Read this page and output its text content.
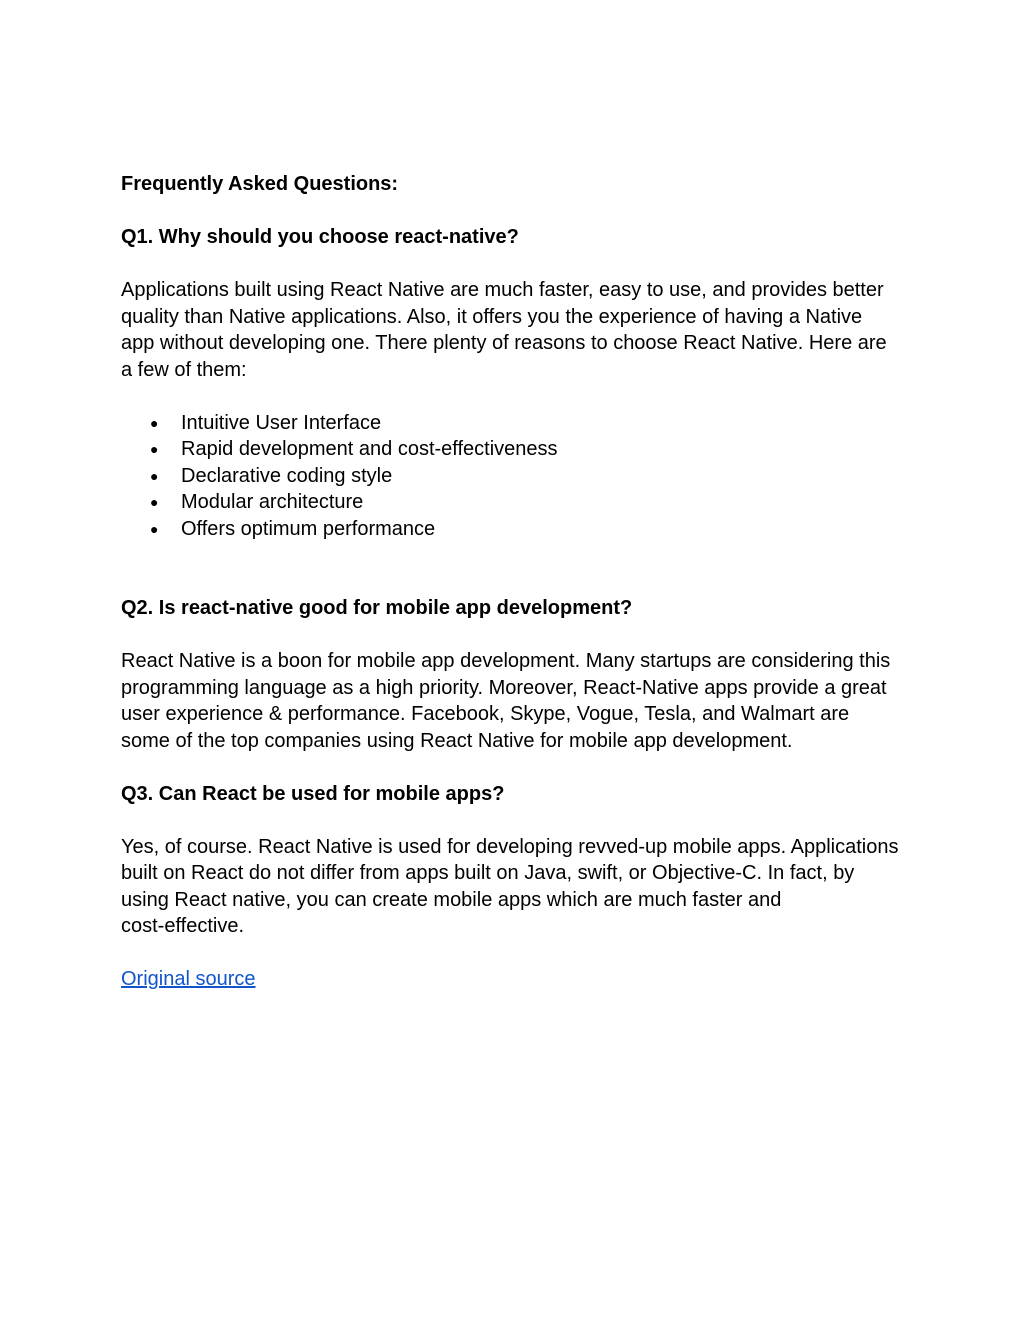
Frequently Asked Questions:

Q1. Why should you choose react-native?

Applications built using React Native are much faster, easy to use, and provides better
quality than Native applications. Also, it offers you the experience of having a Native
app without developing one. There plenty of reasons to choose React Native. Here are
a few of them:
●	Intuitive User Interface
●	Rapid development and cost-effectiveness
●	Declarative coding style
●	Modular architecture
●	Offers optimum performance

Q2. Is react-native good for mobile app development?

React Native is a boon for mobile app development. Many startups are considering this
programming language as a high priority. Moreover, React-Native apps provide a great
user experience & performance. Facebook, Skype, Vogue, Tesla, and Walmart are
some of the top companies using React Native for mobile app development.

Q3. Can React be used for mobile apps?

Yes, of course. React Native is used for developing revved-up mobile apps. Applications
built on React do not differ from apps built on Java, swift, or Objective-C. In fact, by
using React native, you can create mobile apps which are much faster and
cost-effective.
Original source
